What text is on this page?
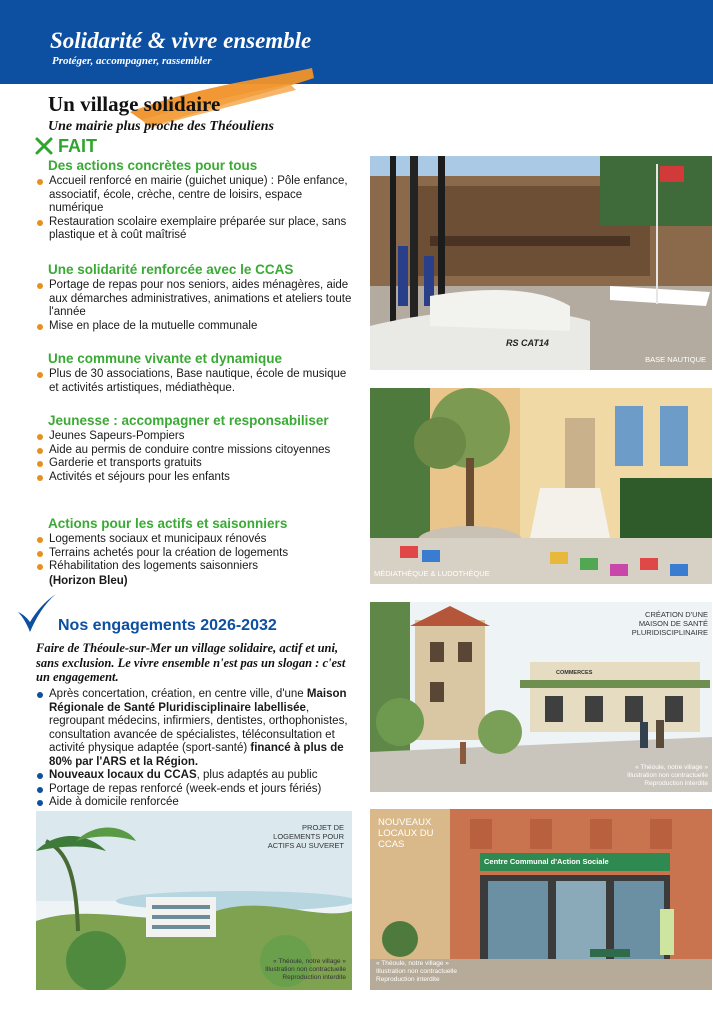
Solidarité & vivre ensemble
Protéger, accompagner, rassembler
Un village solidaire
Une mairie plus proche des Théouliens
FAIT
Des actions concrètes pour tous
Accueil renforcé en mairie (guichet unique) : Pôle enfance, associatif, école, crèche, centre de loisirs, espace numérique
Restauration scolaire exemplaire préparée sur place, sans plastique et à coût maîtrisé
Une solidarité renforcée avec le CCAS
Portage de repas pour nos seniors, aides ménagères, aide aux démarches administratives, animations et ateliers toute l'année
Mise en place de la mutuelle communale
Une commune vivante et dynamique
Plus de 30 associations, Base nautique, école de musique et activités artistiques, médiathèque.
Jeunesse : accompagner et responsabiliser
Jeunes Sapeurs-Pompiers
Aide au permis de conduire contre missions citoyennes
Garderie et transports gratuits
Activités et séjours pour les enfants
Actions pour les actifs et saisonniers
Logements sociaux et municipaux rénovés
Terrains achetés pour la création de logements
Réhabilitation des logements saisonniers
(Horizon Bleu)
Nos engagements 2026-2032
Faire de Théoule-sur-Mer un village solidaire, actif et uni, sans exclusion. Le vivre ensemble n'est pas un slogan : c'est un engagement.
Après concertation, création, en centre ville, d'une Maison Régionale de Santé Pluridisciplinaire labellisée, regroupant médecins, infirmiers, dentistes, orthophonistes, consultation avancée de spécialistes, téléconsultation et activité physique adaptée (sport-santé) financé à plus de 80% par l'ARS et la Région.
Nouveaux locaux du CCAS, plus adaptés au public
Portage de repas renforcé (week-ends et jours fériés)
Aide à domicile renforcée
RS CAT14
BASE NAUTIQUE
MÉDIATHÈQUE & LUDOTHÈQUE
COMMERCES
CRÉATION D'UNE MAISON DE SANTÉ PLURIDISCIPLINAIRE
« Théoule, notre village »
Illustration non contractuelle
Reproduction interdite
PROJET DE LOGEMENTS POUR ACTIFS AU SUVERET
« Théoule, notre village »
Illustration non contractuelle
Reproduction interdite
Centre Communal d'Action Sociale
NOUVEAUX LOCAUX DU CCAS
« Théoule, notre village »
Illustration non contractuelle
Reproduction interdite
